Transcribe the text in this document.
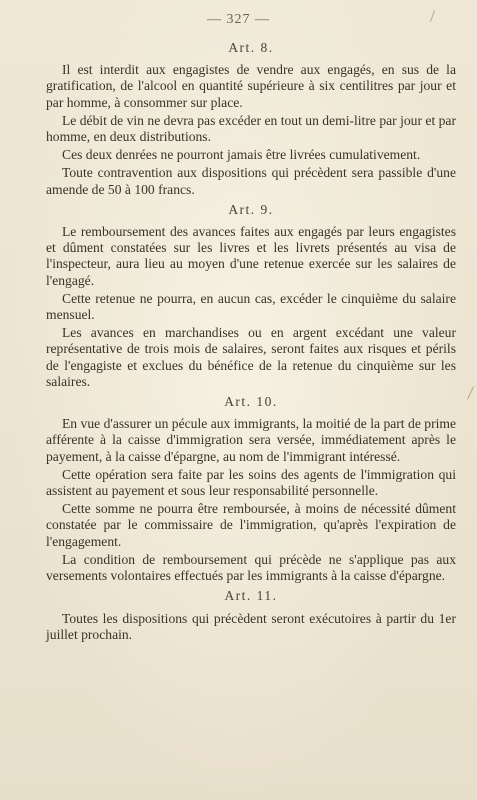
— 327 —
Art. 8.

Il est interdit aux engagistes de vendre aux engagés, en sus de la gratification, de l'alcool en quantité supérieure à six centilitres par jour et par homme, à consommer sur place.

Le débit de vin ne devra pas excéder en tout un demi-litre par jour et par homme, en deux distributions.

Ces deux denrées ne pourront jamais être livrées cumulativement.

Toute contravention aux dispositions qui précèdent sera passible d'une amende de 50 à 100 francs.

Art. 9.

Le remboursement des avances faites aux engagés par leurs engagistes et dûment constatées sur les livres et les livrets présentés au visa de l'inspecteur, aura lieu au moyen d'une retenue exercée sur les salaires de l'engagé.

Cette retenue ne pourra, en aucun cas, excéder le cinquième du salaire mensuel.

Les avances en marchandises ou en argent excédant une valeur représentative de trois mois de salaires, seront faites aux risques et périls de l'engagiste et exclues du bénéfice de la retenue du cinquième sur les salaires.

Art. 10.

En vue d'assurer un pécule aux immigrants, la moitié de la part de prime afférente à la caisse d'immigration sera versée, immédiatement après le payement, à la caisse d'épargne, au nom de l'immigrant intéressé.

Cette opération sera faite par les soins des agents de l'immigration qui assistent au payement et sous leur responsabilité personnelle.

Cette somme ne pourra être remboursée, à moins de nécessité dûment constatée par le commissaire de l'immigration, qu'après l'expiration de l'engagement.

La condition de remboursement qui précède ne s'applique pas aux versements volontaires effectués par les immigrants à la caisse d'épargne.

Art. 11.

Toutes les dispositions qui précèdent seront exécutoires à partir du 1er juillet prochain.
